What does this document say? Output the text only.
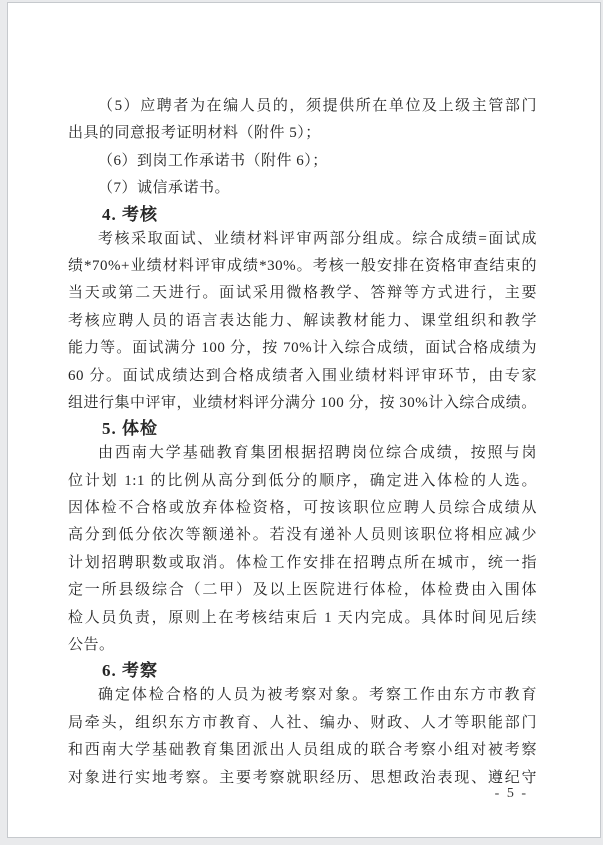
（5）应聘者为在编人员的，须提供所在单位及上级主管部门
出具的同意报考证明材料（附件 5）；
（6）到岗工作承诺书（附件 6）；
（7）诚信承诺书。
4. 考核
考核采取面试、业绩材料评审两部分组成。综合成绩=面试成
绩*70%+业绩材料评审成绩*30%。考核一般安排在资格审查结束的
当天或第二天进行。面试采用微格教学、答辩等方式进行，主要
考核应聘人员的语言表达能力、解读教材能力、课堂组织和教学
能力等。面试满分 100 分，按 70%计入综合成绩，面试合格成绩为
60 分。面试成绩达到合格成绩者入围业绩材料评审环节，由专家
组进行集中评审，业绩材料评分满分 100 分，按 30%计入综合成绩。
5. 体检
由西南大学基础教育集团根据招聘岗位综合成绩，按照与岗
位计划 1:1 的比例从高分到低分的顺序，确定进入体检的人选。
因体检不合格或放弃体检资格，可按该职位应聘人员综合成绩从
高分到低分依次等额递补。若没有递补人员则该职位将相应减少
计划招聘职数或取消。体检工作安排在招聘点所在城市，统一指
定一所县级综合（二甲）及以上医院进行体检，体检费由入围体
检人员负责，原则上在考核结束后 1 天内完成。具体时间见后续
公告。
6. 考察
确定体检合格的人员为被考察对象。考察工作由东方市教育
局牵头，组织东方市教育、人社、编办、财政、人才等职能部门
和西南大学基础教育集团派出人员组成的联合考察小组对被考察
对象进行实地考察。主要考察就职经历、思想政治表现、遵纪守
- 5 -
